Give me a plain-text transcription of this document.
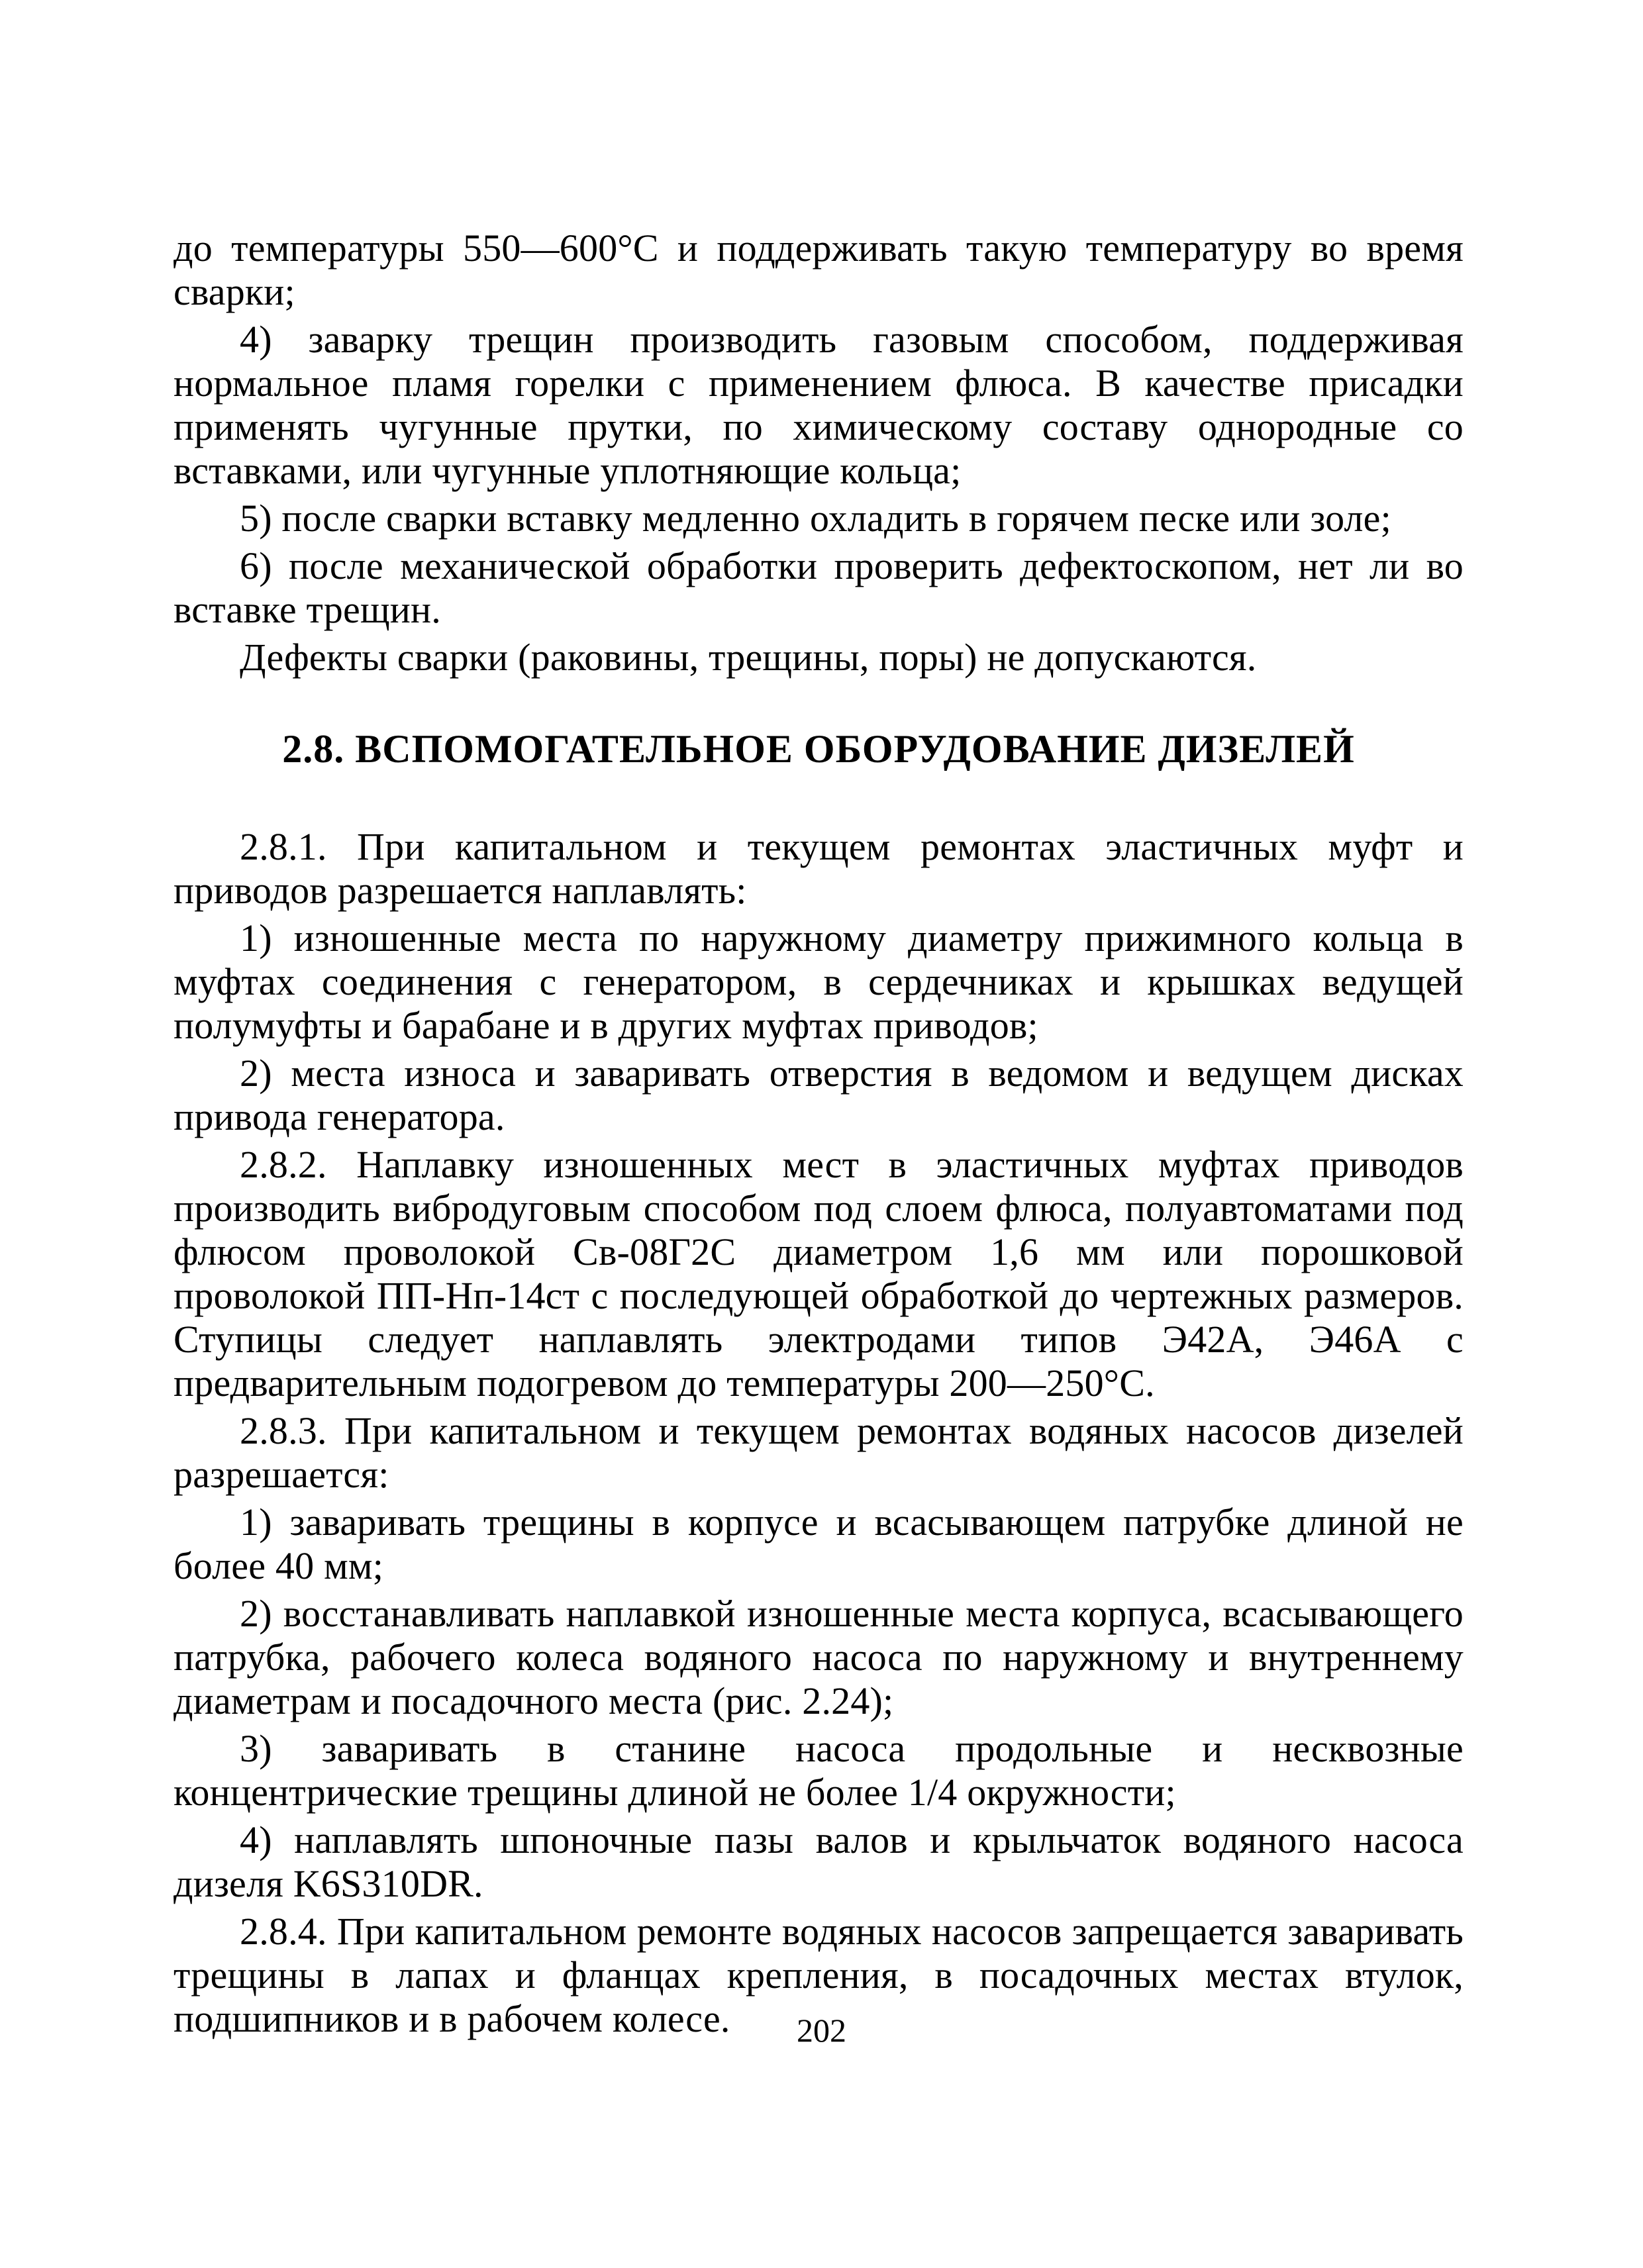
до температуры 550—600°С и поддерживать такую температуру во время сварки;

4) заварку трещин производить газовым способом, поддерживая нормальное пламя горелки с применением флюса. В качестве присадки применять чугунные прутки, по химическому составу однородные со вставками, или чугунные уплотняющие кольца;

5) после сварки вставку медленно охладить в горячем песке или золе;

6) после механической обработки проверить дефектоскопом, нет ли во вставке трещин.

Дефекты сварки (раковины, трещины, поры) не допускаются.

2.8. ВСПОМОГАТЕЛЬНОЕ ОБОРУДОВАНИЕ ДИЗЕЛЕЙ

2.8.1. При капитальном и текущем ремонтах эластичных муфт и приводов разрешается наплавлять:

1) изношенные места по наружному диаметру прижимного кольца в муфтах соединения с генератором, в сердечниках и крышках ведущей полумуфты и барабане и в других муфтах приводов;

2) места износа и заваривать отверстия в ведомом и ведущем дисках привода генератора.

2.8.2. Наплавку изношенных мест в эластичных муфтах приводов производить вибродуговым способом под слоем флюса, полуавтоматами под флюсом проволокой Св-08Г2С диаметром 1,6 мм или порошковой проволокой ПП-Нп-14ст с последующей обработкой до чертежных размеров. Ступицы следует наплавлять электродами типов Э42А, Э46А с предварительным подогревом до температуры 200—250°С.

2.8.3. При капитальном и текущем ремонтах водяных насосов дизелей разрешается:

1) заваривать трещины в корпусе и всасывающем патрубке длиной не более 40 мм;

2) восстанавливать наплавкой изношенные места корпуса, всасывающего патрубка, рабочего колеса водяного насоса по наружному и внутреннему диаметрам и посадочного места (рис. 2.24);

3) заваривать в станине насоса продольные и несквозные концентрические трещины длиной не более 1/4 окружности;

4) наплавлять шпоночные пазы валов и крыльчаток водяного насоса дизеля K6S310DR.

2.8.4. При капитальном ремонте водяных насосов запрещается заваривать трещины в лапах и фланцах крепления, в посадочных местах втулок, подшипников и в рабочем колесе.	202
